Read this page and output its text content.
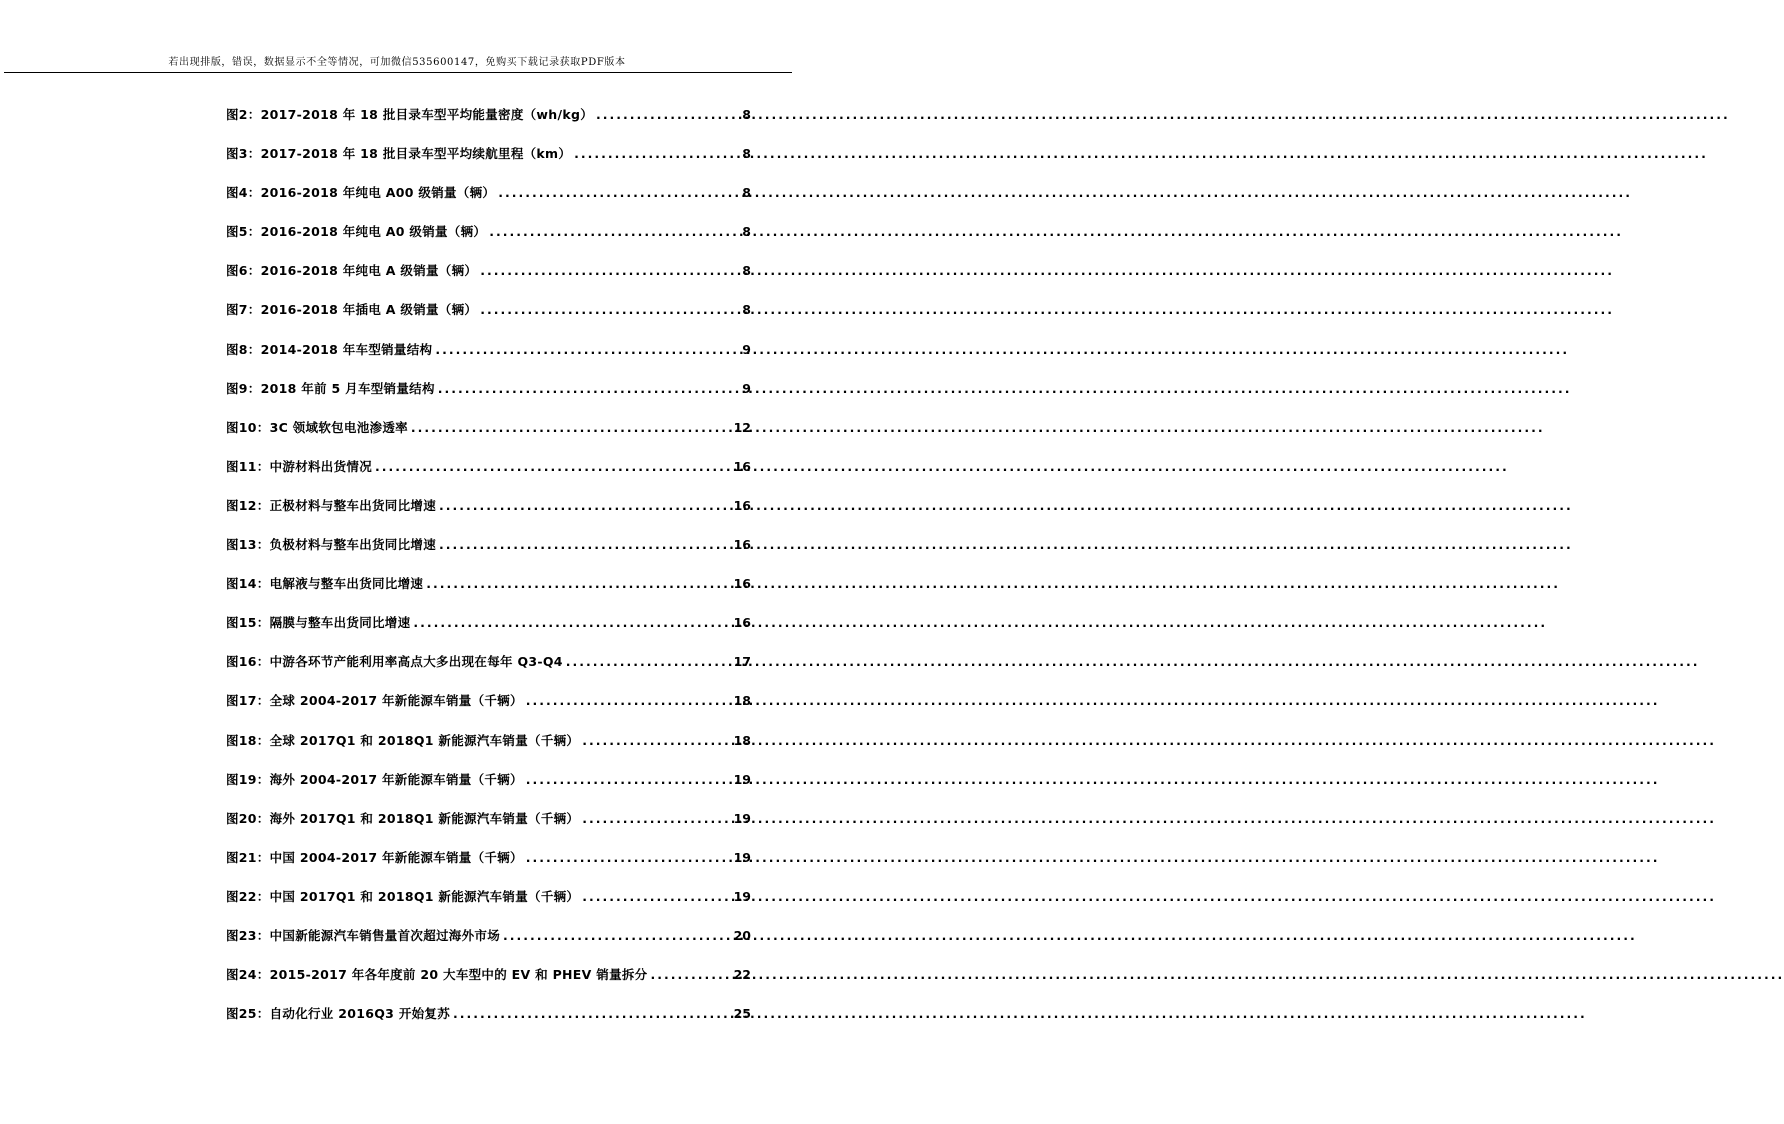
若出现排版，错误，数据显示不全等情况，可加微信535600147，免购买下载记录获取PDF版本
图2：2017-2018 年 18 批目录车型平均能量密度（wh/kg） .....	8
图3：2017-2018 年 18 批目录车型平均续航里程（km） .....	8
图4：2016-2018 年纯电 A00 级销量（辆） .....	8
图5：2016-2018 年纯电 A0 级销量（辆） .....	8
图6：2016-2018 年纯电 A 级销量（辆） .....	8
图7：2016-2018 年插电 A 级销量（辆） .....	8
图8：2014-2018 年车型销量结构 .....	9
图9：2018 年前 5 月车型销量结构 .....	9
图10：3C 领域软包电池渗透率 .....	12
图11：中游材料出货情况 .....	16
图12：正极材料与整车出货同比增速 .....	16
图13：负极材料与整车出货同比增速 .....	16
图14：电解液与整车出货同比增速 .....	16
图15：隔膜与整车出货同比增速 .....	16
图16：中游各环节产能利用率高点大多出现在每年 Q3-Q4 .....	17
图17：全球 2004-2017 年新能源车销量（千辆） .....	18
图18：全球 2017Q1 和 2018Q1 新能源汽车销量（千辆） .....	18
图19：海外 2004-2017 年新能源车销量（千辆） .....	19
图20：海外 2017Q1 和 2018Q1 新能源汽车销量（千辆） .....	19
图21：中国 2004-2017 年新能源车销量（千辆） .....	19
图22：中国 2017Q1 和 2018Q1 新能源汽车销量（千辆） .....	19
图23：中国新能源汽车销售量首次超过海外市场 .....	20
图24：2015-2017 年各年度前 20 大车型中的 EV 和 PHEV 销量拆分 .....	22
图25：自动化行业 2016Q3 开始复苏 .....	25
